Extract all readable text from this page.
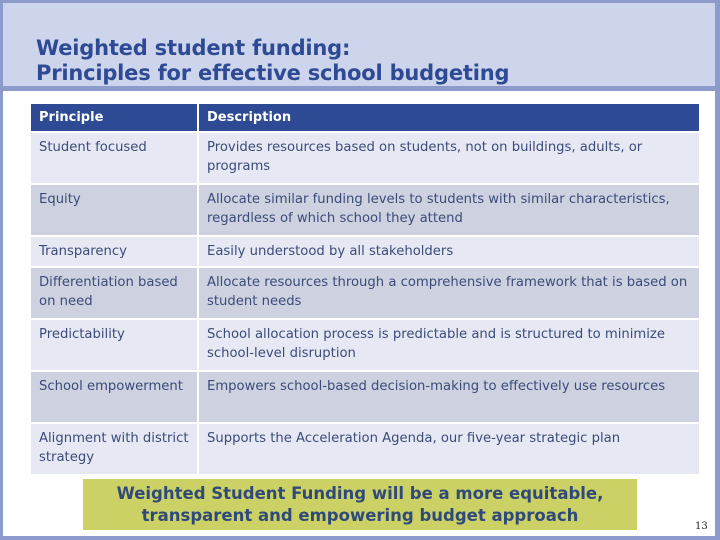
Weighted student funding:
Principles for effective school budgeting
Principle	Description
Student focused	Provides resources based on students, not on buildings, adults, or programs
Equity	Allocate similar funding levels to students with similar characteristics, regardless of which school they attend
Transparency	Easily understood by all stakeholders
Differentiation based on need	Allocate resources through a comprehensive framework that is based on student needs
Predictability	School allocation process is predictable and is structured to minimize school-level disruption
School empowerment	Empowers school-based decision-making to effectively use resources
Alignment with district strategy	Supports the Acceleration Agenda, our five-year strategic plan
Weighted Student Funding will be a more equitable,
transparent and empowering budget approach
13
